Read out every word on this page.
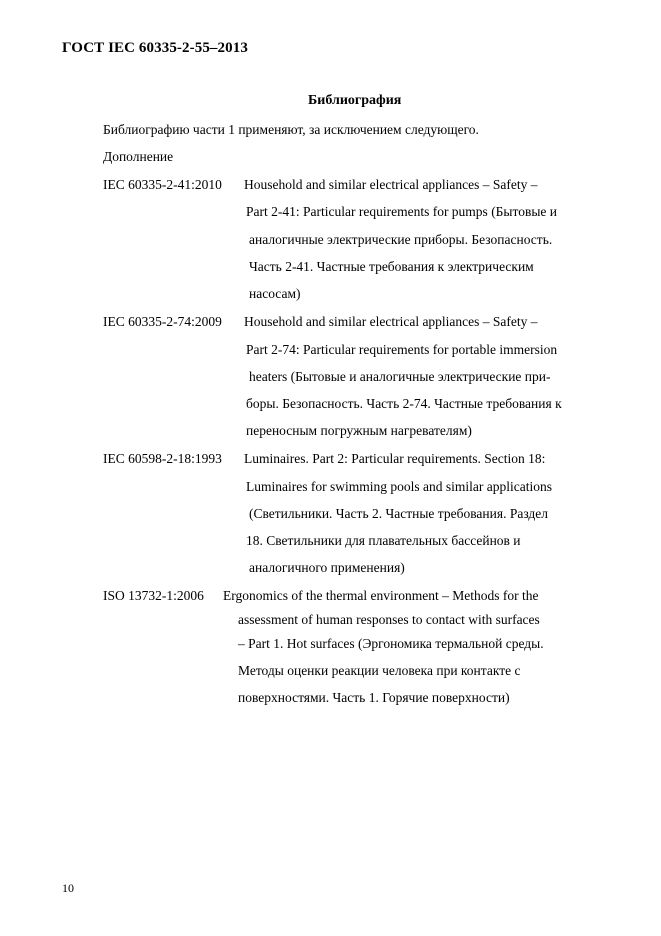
ГОСТ IEC 60335-2-55–2013
Библиография
Библиографию части 1 применяют, за исключением следующего.
Дополнение
IEC 60335-2-41:2010 Household and similar electrical appliances – Safety –
Part 2-41: Particular requirements for pumps (Бытовые и
аналогичные электрические приборы. Безопасность.
Часть 2-41. Частные требования к электрическим
насосам)
IEC 60335-2-74:2009 Household and similar electrical appliances – Safety –
Part 2-74: Particular requirements for portable immersion
heaters (Бытовые и аналогичные электрические при-
боры. Безопасность. Часть 2-74. Частные требования к
переносным погружным нагревателям)
IEC 60598-2-18:1993 Luminaires. Part 2: Particular requirements. Section 18:
Luminaires for swimming pools and similar applications
(Светильники. Часть 2. Частные требования. Раздел
18. Светильники для плавательных бассейнов и
аналогичного применения)
ISO 13732-1:2006 Ergonomics of the thermal environment – Methods for the
assessment of human responses to contact with surfaces
– Part 1. Hot surfaces (Эргономика термальной среды.
Методы оценки реакции человека при контакте с
поверхностями. Часть 1. Горячие поверхности)
10
